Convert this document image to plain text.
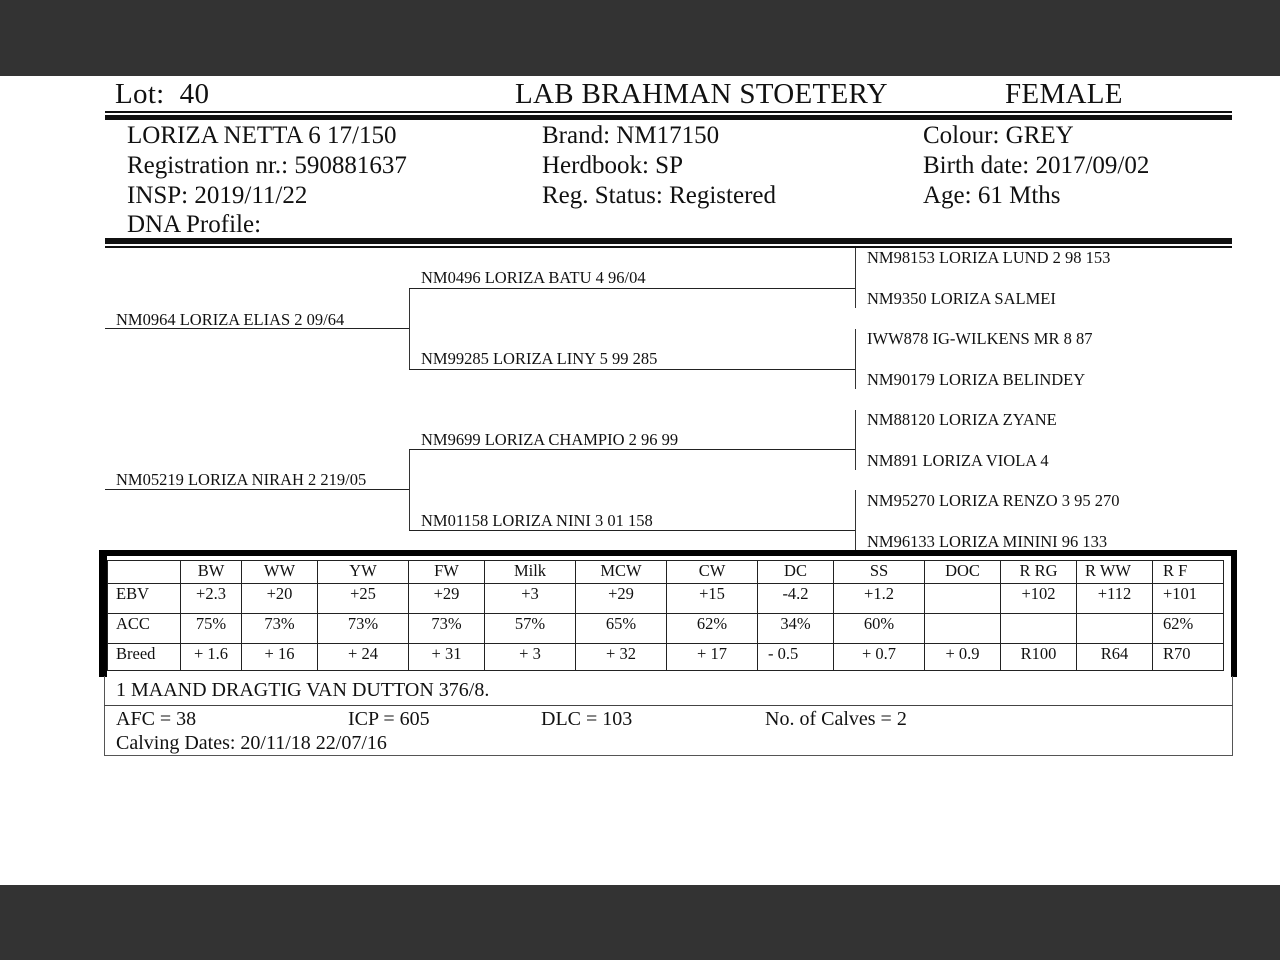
Lot: 40	LAB BRAHMAN STOETERY	FEMALE
LORIZA NETTA 6 17/150
Registration nr.: 590881637
INSP: 2019/11/22
DNA Profile:
Brand: NM17150
Herdbook: SP
Reg. Status: Registered
Colour: GREY
Birth date: 2017/09/02
Age: 61 Mths
NM0964 LORIZA ELIAS 2 09/64
NM05219 LORIZA NIRAH 2 219/05
NM0496 LORIZA BATU 4 96/04
NM99285 LORIZA LINY 5 99 285
NM9699 LORIZA CHAMPIO 2 96 99
NM01158 LORIZA NINI 3 01 158
NM98153 LORIZA LUND 2 98 153
NM9350 LORIZA SALMEI
IWW878 IG-WILKENS MR 8 87
NM90179 LORIZA BELINDEY
NM88120 LORIZA ZYANE
NM891 LORIZA VIOLA 4
NM95270 LORIZA RENZO 3 95 270
NM96133 LORIZA MININI 96 133
	BW	WW	YW	FW	Milk	MCW	CW	DC	SS	DOC	R RG	R WW	R F
EBV	+2.3	+20	+25	+29	+3	+29	+15	-4.2	+1.2		+102	+112	+101
ACC	75%	73%	73%	73%	57%	65%	62%	34%	60%				62%
Breed	+ 1.6	+ 16	+ 24	+ 31	+ 3	+ 32	+ 17	- 0.5	+ 0.7	+ 0.9	R100	R64	R70
1 MAAND DRAGTIG VAN DUTTON 376/8.
AFC = 38	ICP = 605	DLC = 103	No. of Calves = 2
Calving Dates: 20/11/18 22/07/16
